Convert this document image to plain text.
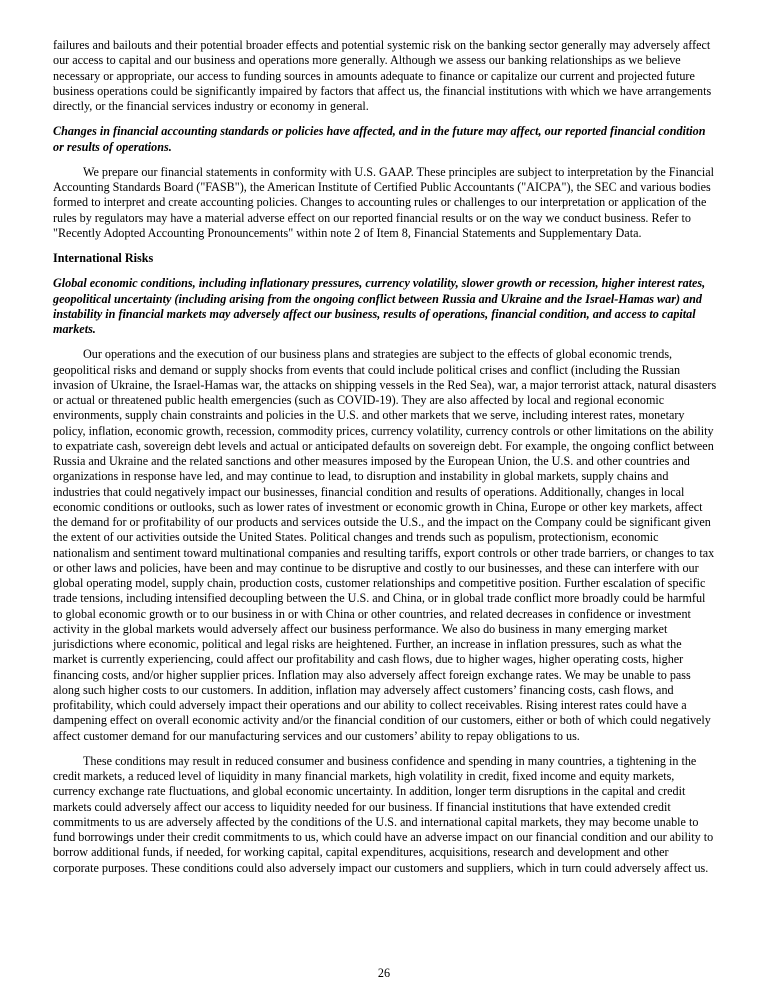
failures and bailouts and their potential broader effects and potential systemic risk on the banking sector generally may adversely affect our access to capital and our business and operations more generally. Although we assess our banking relationships as we believe necessary or appropriate, our access to funding sources in amounts adequate to finance or capitalize our current and projected future business operations could be significantly impaired by factors that affect us, the financial institutions with which we have arrangements directly, or the financial services industry or economy in general.

Changes in financial accounting standards or policies have affected, and in the future may affect, our reported financial condition or results of operations.

We prepare our financial statements in conformity with U.S. GAAP. These principles are subject to interpretation by the Financial Accounting Standards Board ("FASB"), the American Institute of Certified Public Accountants ("AICPA"), the SEC and various bodies formed to interpret and create accounting policies. Changes to accounting rules or challenges to our interpretation or application of the rules by regulators may have a material adverse effect on our reported financial results or on the way we conduct business. Refer to "Recently Adopted Accounting Pronouncements" within note 2 of Item 8, Financial Statements and Supplementary Data.

International Risks

Global economic conditions, including inflationary pressures, currency volatility, slower growth or recession, higher interest rates, geopolitical uncertainty (including arising from the ongoing conflict between Russia and Ukraine and the Israel-Hamas war) and instability in financial markets may adversely affect our business, results of operations, financial condition, and access to capital markets.

Our operations and the execution of our business plans and strategies are subject to the effects of global economic trends, geopolitical risks and demand or supply shocks from events that could include political crises and conflict (including the Russian invasion of Ukraine, the Israel-Hamas war, the attacks on shipping vessels in the Red Sea), war, a major terrorist attack, natural disasters or actual or threatened public health emergencies (such as COVID-19). They are also affected by local and regional economic environments, supply chain constraints and policies in the U.S. and other markets that we serve, including interest rates, monetary policy, inflation, economic growth, recession, commodity prices, currency volatility, currency controls or other limitations on the ability to expatriate cash, sovereign debt levels and actual or anticipated defaults on sovereign debt. For example, the ongoing conflict between Russia and Ukraine and the related sanctions and other measures imposed by the European Union, the U.S. and other countries and organizations in response have led, and may continue to lead, to disruption and instability in global markets, supply chains and industries that could negatively impact our businesses, financial condition and results of operations. Additionally, changes in local economic conditions or outlooks, such as lower rates of investment or economic growth in China, Europe or other key markets, affect the demand for or profitability of our products and services outside the U.S., and the impact on the Company could be significant given the extent of our activities outside the United States. Political changes and trends such as populism, protectionism, economic nationalism and sentiment toward multinational companies and resulting tariffs, export controls or other trade barriers, or changes to tax or other laws and policies, have been and may continue to be disruptive and costly to our businesses, and these can interfere with our global operating model, supply chain, production costs, customer relationships and competitive position. Further escalation of specific trade tensions, including intensified decoupling between the U.S. and China, or in global trade conflict more broadly could be harmful to global economic growth or to our business in or with China or other countries, and related decreases in confidence or investment activity in the global markets would adversely affect our business performance. We also do business in many emerging market jurisdictions where economic, political and legal risks are heightened. Further, an increase in inflation pressures, such as what the market is currently experiencing, could affect our profitability and cash flows, due to higher wages, higher operating costs, higher financing costs, and/or higher supplier prices. Inflation may also adversely affect foreign exchange rates. We may be unable to pass along such higher costs to our customers. In addition, inflation may adversely affect customers’ financing costs, cash flows, and profitability, which could adversely impact their operations and our ability to collect receivables. Rising interest rates could have a dampening effect on overall economic activity and/or the financial condition of our customers, either or both of which could negatively affect customer demand for our manufacturing services and our customers’ ability to repay obligations to us.

These conditions may result in reduced consumer and business confidence and spending in many countries, a tightening in the credit markets, a reduced level of liquidity in many financial markets, high volatility in credit, fixed income and equity markets, currency exchange rate fluctuations, and global economic uncertainty. In addition, longer term disruptions in the capital and credit markets could adversely affect our access to liquidity needed for our business. If financial institutions that have extended credit commitments to us are adversely affected by the conditions of the U.S. and international capital markets, they may become unable to fund borrowings under their credit commitments to us, which could have an adverse impact on our financial condition and our ability to borrow additional funds, if needed, for working capital, capital expenditures, acquisitions, research and development and other corporate purposes. These conditions could also adversely impact our customers and suppliers, which in turn could adversely affect us.

26
